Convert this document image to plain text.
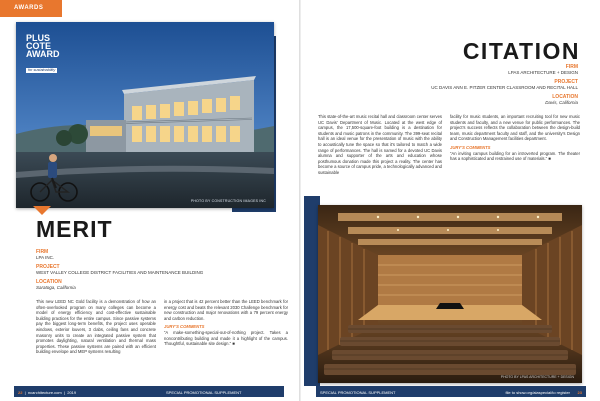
AWARDS
PHOTO BY CONSTRUCTION IMAGES INC
PLUS
COTE
AWARD
for sustainability
MERIT
FIRM
LPA INC.
PROJECT
WEST VALLEY COLLEGE DISTRICT FACILITIES AND MAINTENANCE BUILDING
LOCATION
Saratoga, California
This new LEED NC Gold facility is a demonstration of how an often-overlooked program on many colleges can become a model of energy efficiency and cost-effective sustainable building practices for the entire campus. Since passive systems pay the biggest long-term benefits, the project uses operable windows, exterior louvers, 3 clabs, ceiling fans and concrete masonry units to create an integrated passive system that promotes daylighting, natural ventilation and thermal mass properties. These passive systems are paired with an efficient building envelope and MEP systems resulting
in a project that is 42 percent better than the LEED benchmark for energy cost and beats the relevant 2030 Challenge benchmark for new construction and major renovations with a 79 percent energy and carbon reduction.
JURY'S COMMENTS
“A make-something-special-out-of-nothing project. Takes a noncontributing building and made it a highlight of the campus. Thoughtful, sustainable site design.” ■
CITATION
FIRM
LPAS ARCHITECTURE + DESIGN
PROJECT
UC DAVIS ANN E. PITZER CENTER CLASSROOM AND RECITAL HALL
LOCATION
Davis, California
This state-of-the-art music recital hall and classroom center serves UC Davis' Department of Music. Located at the west edge of campus, the 17,500-square-foot building is a destination for students and music patrons in the community. The 399-seat recital hall is an ideal venue for the presentation of music with the ability to acoustically tune the space so that it's tailored to match a wide range of performances. The hall is named for a devoted UC Davis alumna and supporter of the arts and education whose posthumous donation made this project a reality. The center has become a source of campus pride, a technologically advanced and sustainable
facility for music students, an important recruiting tool for new music students and faculty, and a new venue for public performances. The project's success reflects the collaboration between the design-build team, music department faculty and staff, and the university's Design and Construction Management facilities department.
JURY'S COMMENTS
“An inviting campus building for an introverted program. The theater has a sophisticated and restrained use of materials.” ■
PHOTO BY LPAS ARCHITECTURE + DESIGN
22  |  ncarchitecture.com  |  2019	SPECIAL PROMOTIONAL SUPPLEMENT	SPECIAL PROMOTIONAL SUPPLEMENT	file to show.org/aiaspecial/to register 23
